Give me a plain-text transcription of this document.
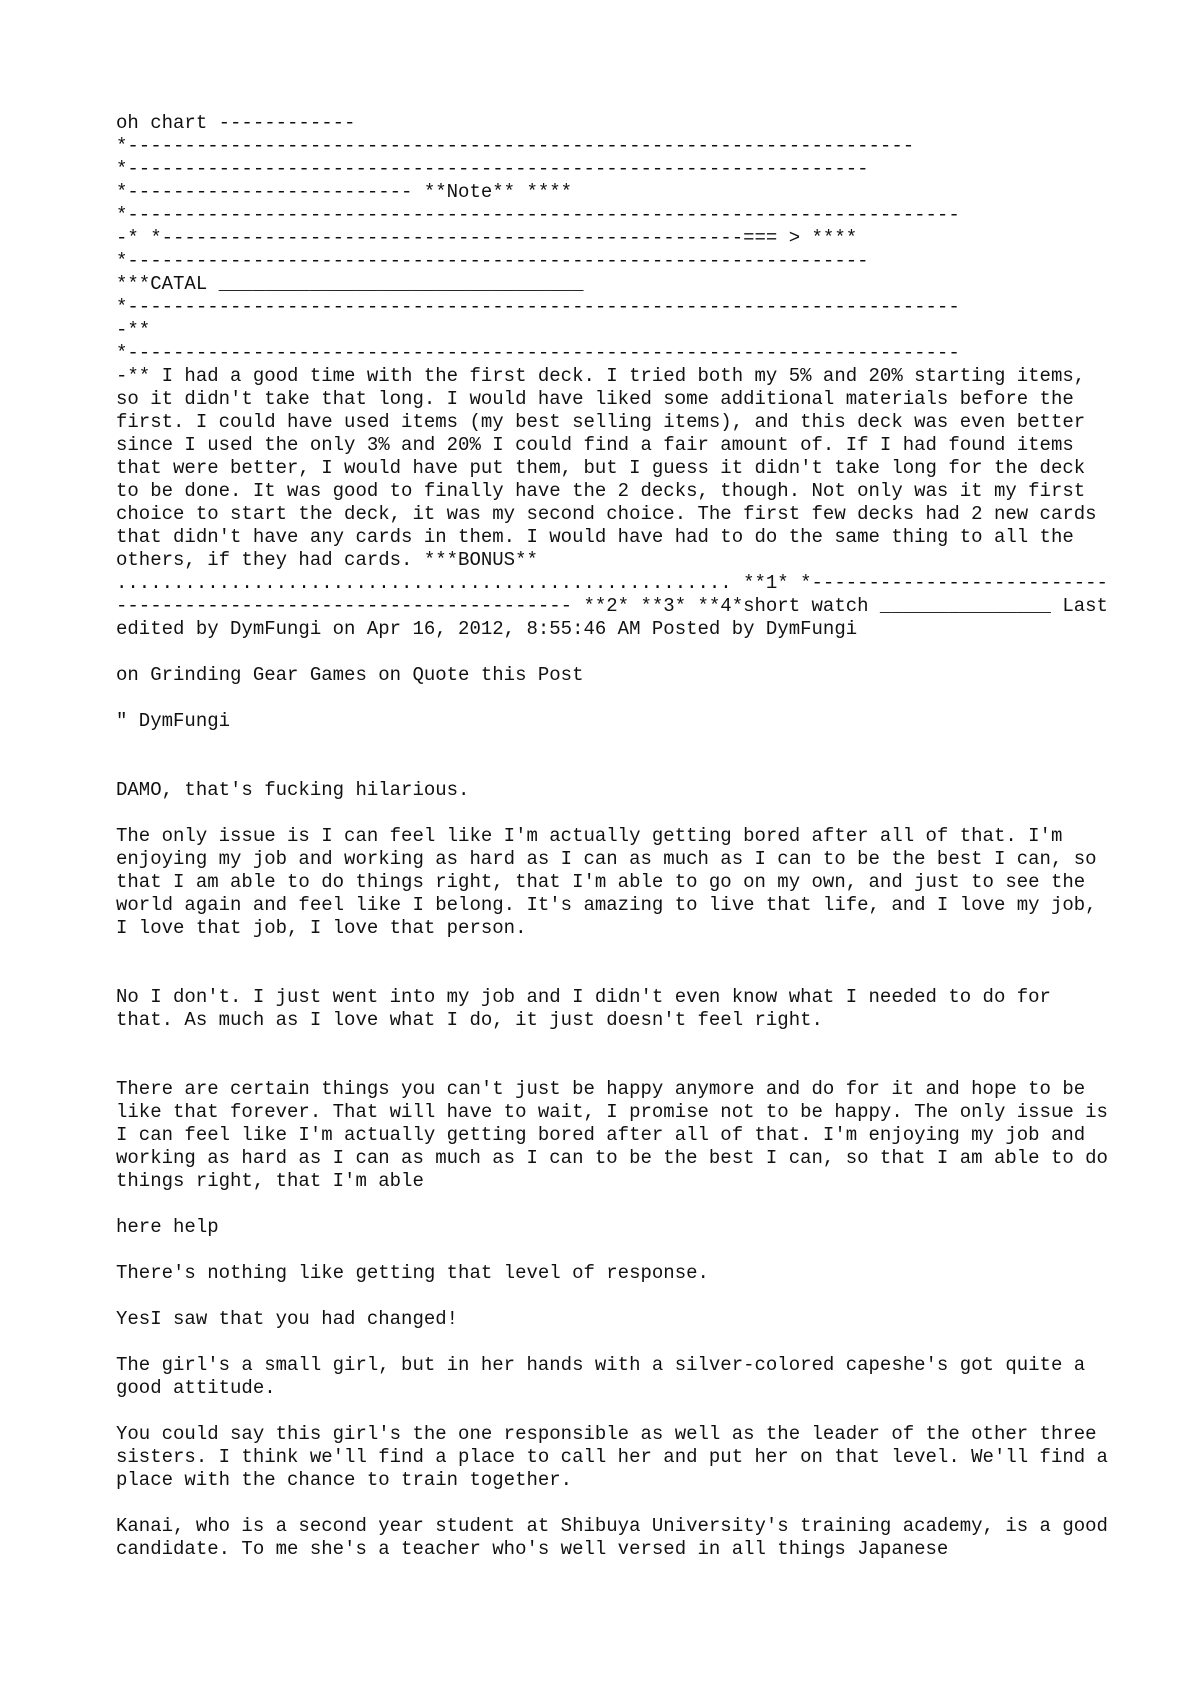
oh chart ------------

*---------------------------------------------------------------------

*-----------------------------------------------------------------

*------------------------- **Note** ****

*-------------------------------------------------------------------------

-* *---------------------------------------------------=== > ****

*-----------------------------------------------------------------

***CATAL ________________________________

*-------------------------------------------------------------------------

-**

*-------------------------------------------------------------------------

-** I had a good time with the first deck. I tried both my 5% and 20% starting items, so it didn't take that long. I would have liked some additional materials before the first. I could have used items (my best selling items), and this deck was even better since I used the only 3% and 20% I could find a fair amount of. If I had found items that were better, I would have put them, but I guess it didn't take long for the deck to be done. It was good to finally have the 2 decks, though. Not only was it my first choice to start the deck, it was my second choice. The first few decks had 2 new cards that didn't have any cards in them. I would have had to do the same thing to all the others, if they had cards. ***BONUS** ...................................................... **1* *------------------------------------------------------------------ **2* **3* **4*short watch _______________ Last edited by DymFungi on Apr 16, 2012, 8:55:46 AM Posted by DymFungi

on Grinding Gear Games on Quote this Post

" DymFungi

DAMO, that's fucking hilarious.

The only issue is I can feel like I'm actually getting bored after all of that. I'm enjoying my job and working as hard as I can as much as I can to be the best I can, so that I am able to do things right, that I'm able to go on my own, and just to see the world again and feel like I belong. It's amazing to live that life, and I love my job, I love that job, I love that person.

No I don't. I just went into my job and I didn't even know what I needed to do for that. As much as I love what I do, it just doesn't feel right.

There are certain things you can't just be happy anymore and do for it and hope to be like that forever. That will have to wait, I promise not to be happy. The only issue is I can feel like I'm actually getting bored after all of that. I'm enjoying my job and working as hard as I can as much as I can to be the best I can, so that I am able to do things right, that I'm able

here help

There's nothing like getting that level of response.

YesI saw that you had changed!

The girl's a small girl, but in her hands with a silver-colored capeshe's got quite a good attitude.

You could say this girl's the one responsible as well as the leader of the other three sisters. I think we'll find a place to call her and put her on that level. We'll find a place with the chance to train together.

Kanai, who is a second year student at Shibuya University's training academy, is a good candidate. To me she's a teacher who's well versed in all things Japanese
